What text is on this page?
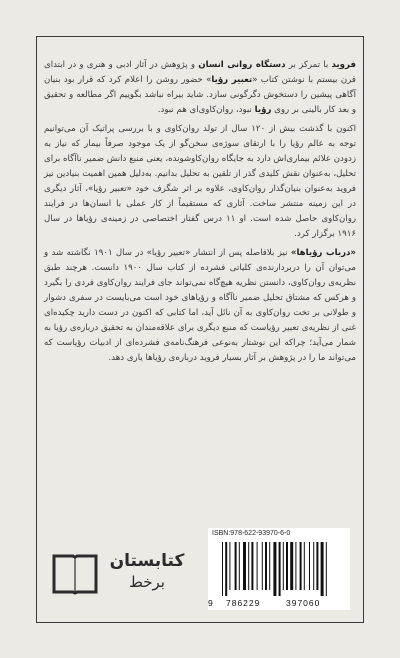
فروید با تمرکز بر دستگاه روانی انسان و پژوهش در آثار ادبی و هنری و در ابتدای قرن بیستم با نوشتن کتاب «تعبیر رؤیا» حضور روشن را اعلام کرد که قرار بود بنیان آگاهی پیشین را دستخوش دگرگونی سازد. شاید بیراه نباشد بگوییم اگر مطالعه و تحقیق و بعد کار بالینی بر روی رؤیا نبود، روان‌کاوی‌ای هم نبود.

اکنون با گذشت بیش از ۱۲۰ سال از تولد روان‌کاوی و با بررسی پراتیک آن می‌توانیم توجه به عالم رؤیا را با ارتقای سوژه‌ی سخن‌گو از یک موجود صرفاً بیمار که نیاز به زدودن علائم بیماری‌اش دارد به جایگاه روان‌کاوشونده، یعنی منبع دانش ضمیر ناآگاه برای تحلیل، به‌عنوان نقش کلیدی گذر از تلقین به تحلیل بدانیم. به‌دلیل همین اهمیت بنیادین نیز فروید به‌عنوان بنیان‌گذار روان‌کاوی، علاوه بر اثر شگرف خود «تعبیر رؤیا»، آثار دیگری در این زمینه منتشر ساخت. آثاری که مستقیماً از کار عملی با انسان‌ها در فرایند روان‌کاوی حاصل شده است. او ۱۱ درس گفتار اختصاصی در زمینه‌ی رؤیاها در سال ۱۹۱۶ برگزار کرد.

«درباب رؤیاها» نیز بلافاصله پس از انتشار «تعبیر رؤیا» در سال ۱۹۰۱ نگاشته شد و می‌توان آن را دربردارنده‌ی کلیاتی فشرده از کتاب سال ۱۹۰۰ دانست. هرچند طبق نظریه‌ی روان‌کاوی، دانستن نظریه هیچ‌گاه نمی‌تواند جای فرایند روان‌کاوی فردی را بگیرد و هرکس که مشتاق تحلیل ضمیر ناآگاه و رؤیاهای خود است می‌بایست در سفری دشوار و طولانی بر تخت روان‌کاوی به آن نائل آید، اما کتابی که اکنون در دست دارید چکیده‌ای غنی از نظریه‌ی تعبیر رؤیاست که منبع دیگری برای علاقه‌مندان به تحقیق درباره‌ی رؤیا به شمار می‌آید؛ چراکه این نوشتار به‌نوعی فرهنگ‌نامه‌ی فشرده‌ای از ادبیات رؤیاست که می‌تواند ما را در پژوهش بر آثار بسیار فروید درباره‌ی رؤیاها یاری دهد.

کتابستان
برخط
ISBN:978-622-93970-6-0
9 786229	397060
